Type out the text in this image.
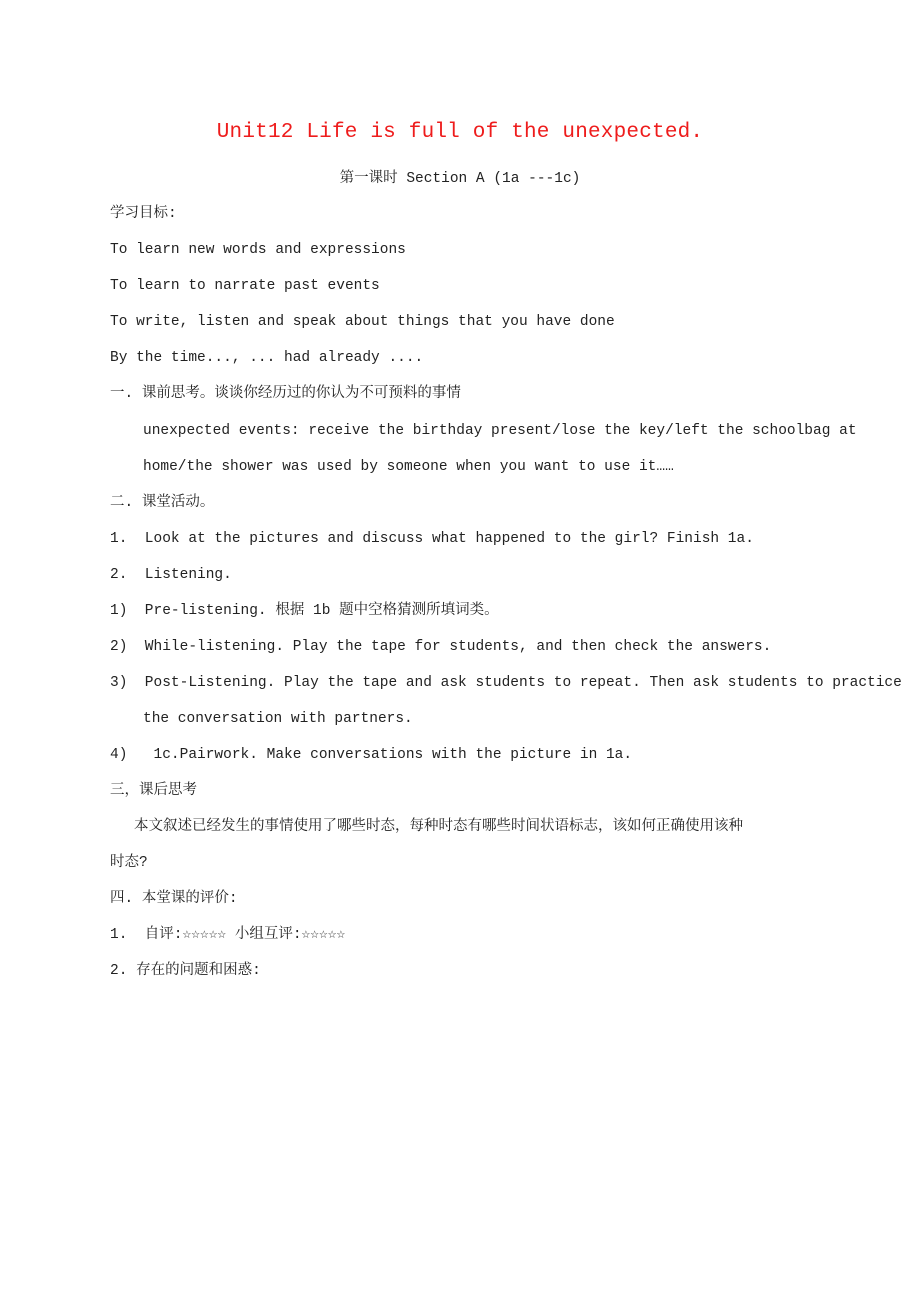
Unit12 Life is full of the unexpected.
第一课时 Section A (1a ---1c)
学习目标:
To learn new words and expressions
To learn to narrate past events
To write, listen and speak about things that you have done
By the time..., ... had already ....
一. 课前思考。谈谈你经历过的你认为不可预料的事情
unexpected events: receive the birthday present/lose the key/left the schoolbag at
home/the shower was used by someone when you want to use it……
二. 课堂活动。
1.  Look at the pictures and discuss what happened to the girl? Finish 1a.
2.  Listening.
1)  Pre-listening. 根据 1b 题中空格猜测所填词类。
2)  While-listening. Play the tape for students, and then check the answers.
3)  Post-Listening. Play the tape and ask students to repeat. Then ask students to practice
the conversation with partners.
4)   1c.Pairwork. Make conversations with the picture in 1a.
三，课后思考
本文叙述已经发生的事情使用了哪些时态，每种时态有哪些时间状语标志，该如何正确使用该种
时态?
四. 本堂课的评价:
1.  自评:☆☆☆☆☆ 小组互评:☆☆☆☆☆
2. 存在的问题和困惑:
